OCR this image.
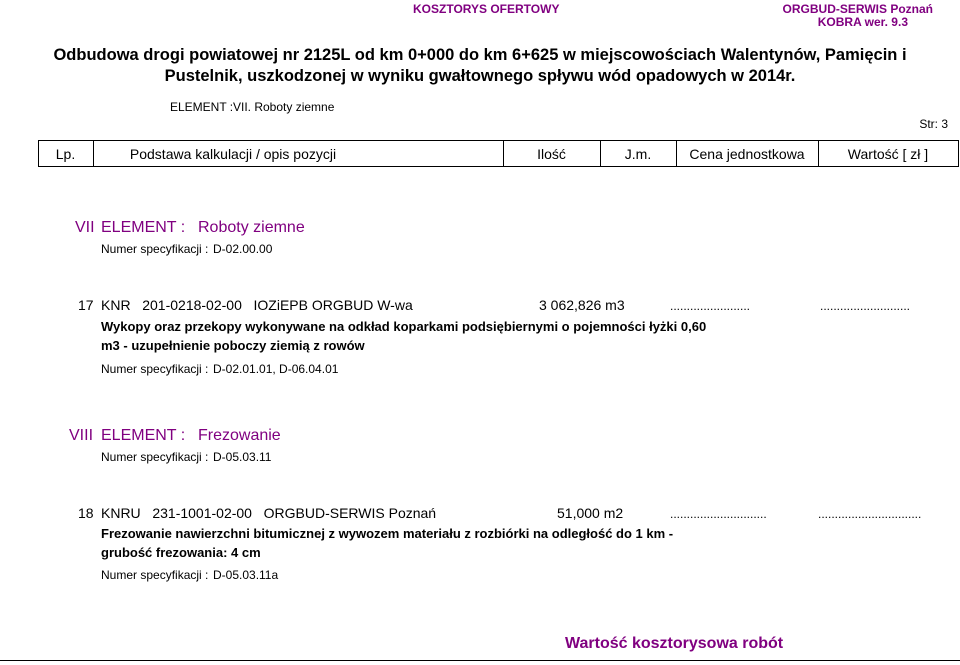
KOSZTORYS OFERTOWY	ORGBUD-SERWIS Poznań
KOBRA wer. 9.3
Odbudowa drogi powiatowej nr 2125L od km 0+000 do km 6+625 w miejscowościach Walentynów, Pamięcin i
Pustelnik, uszkodzonej w wyniku gwałtownego spływu wód opadowych w 2014r.
ELEMENT : VII. Roboty ziemne
Str: 3
Lp.	Podstawa kalkulacji / opis pozycji	Ilość	J.m.	Cena jednostkowa	Wartość [ zł ]
VII ELEMENT : Roboty ziemne
Numer specyfikacji : D-02.00.00
17 KNR   201-0218-02-00   IOZiEPB ORGBUD W-wa	3 062,826 m3	........................	...........................
Wykopy oraz przekopy wykonywane na odkład koparkami podsiębiernymi o pojemności łyżki 0,60
m3 - uzupełnienie poboczy ziemią z rowów
Numer specyfikacji : D-02.01.01, D-06.04.01
VIII ELEMENT : Frezowanie
Numer specyfikacji : D-05.03.11
18 KNRU   231-1001-02-00   ORGBUD-SERWIS Poznań	51,000 m2	.............................	...............................
Frezowanie nawierzchni bitumicznej z wywozem materiału z rozbiórki na odległość do 1 km -
grubość frezowania: 4 cm
Numer specyfikacji : D-05.03.11a
Wartość kosztorysowa robót
